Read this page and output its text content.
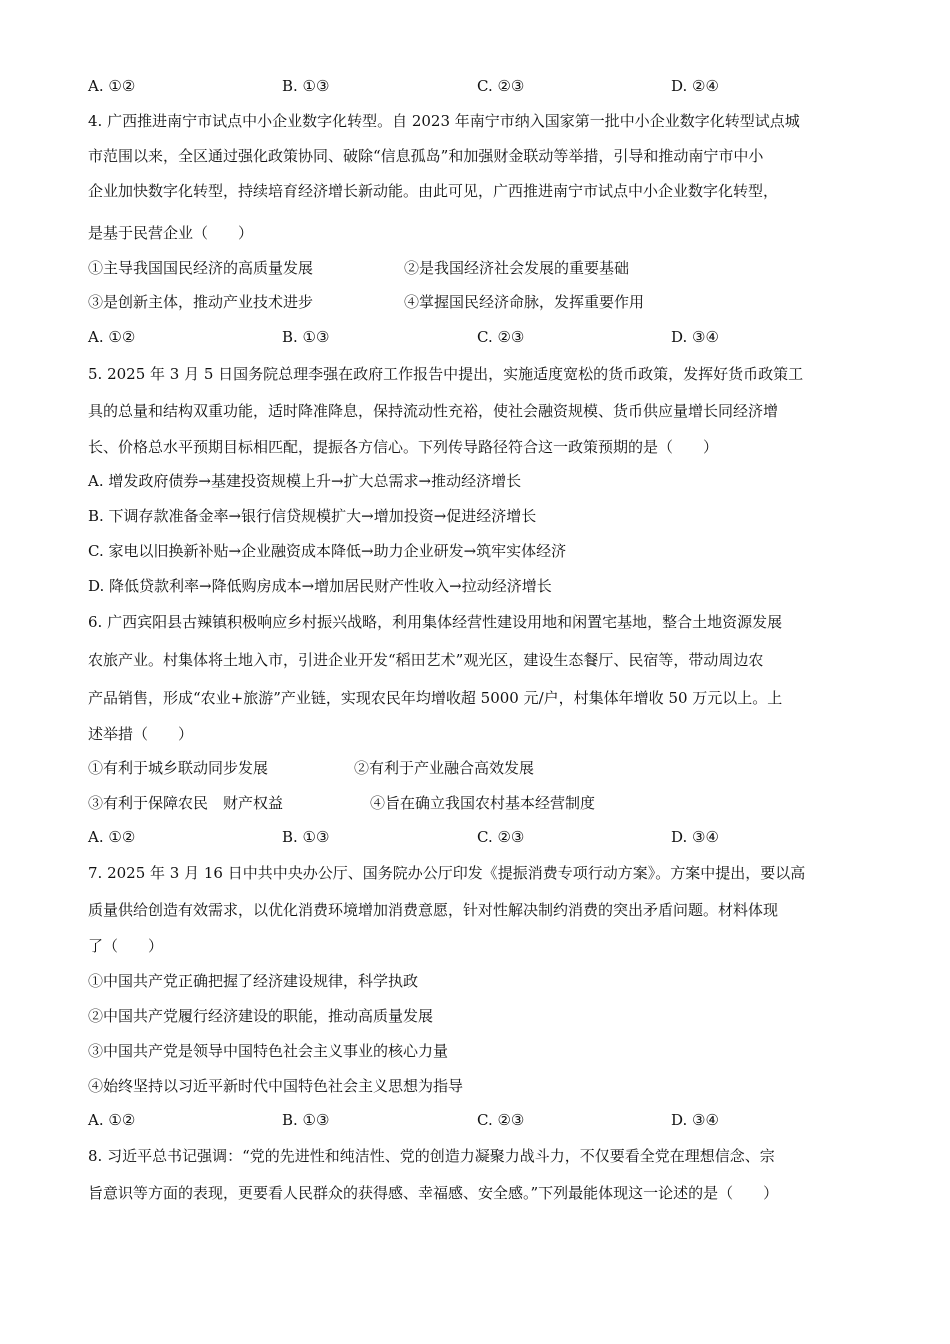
A. ①②	B. ①③	C. ②③	D. ②④
4. 广西推进南宁市试点中小企业数字化转型。自 2023 年南宁市纳入国家第一批中小企业数字化转型试点城
市范围以来，全区通过强化政策协同、破除“信息孤岛”和加强财金联动等举措，引导和推动南宁市中小
企业加快数字化转型，持续培育经济增长新动能。由此可见，广西推进南宁市试点中小企业数字化转型，
是基于民营企业（　　）
①主导我国国民经济的高质量发展	②是我国经济社会发展的重要基础
③是创新主体，推动产业技术进步	④掌握国民经济命脉，发挥重要作用
A. ①②	B. ①③	C. ②③	D. ③④
5. 2025 年 3 月 5 日国务院总理李强在政府工作报告中提出，实施适度宽松的货币政策，发挥好货币政策工
具的总量和结构双重功能，适时降准降息，保持流动性充裕，使社会融资规模、货币供应量增长同经济增
长、价格总水平预期目标相匹配，提振各方信心。下列传导路径符合这一政策预期的是（　　）
A. 增发政府债券→基建投资规模上升→扩大总需求→推动经济增长
B. 下调存款准备金率→银行信贷规模扩大→增加投资→促进经济增长
C. 家电以旧换新补贴→企业融资成本降低→助力企业研发→筑牢实体经济
D. 降低贷款利率→降低购房成本→增加居民财产性收入→拉动经济增长
6. 广西宾阳县古辣镇积极响应乡村振兴战略，利用集体经营性建设用地和闲置宅基地，整合土地资源发展
农旅产业。村集体将土地入市，引进企业开发“稻田艺术”观光区，建设生态餐厅、民宿等，带动周边农
产品销售，形成“农业+旅游”产业链，实现农民年均增收超 5000 元/户，村集体年增收 50 万元以上。上
述举措（　　）
①有利于城乡联动同步发展	②有利于产业融合高效发展
③有利于保障农民　财产权益	④旨在确立我国农村基本经营制度
A. ①②	B. ①③	C. ②③	D. ③④
7. 2025 年 3 月 16 日中共中央办公厅、国务院办公厅印发《提振消费专项行动方案》。方案中提出，要以高
质量供给创造有效需求，以优化消费环境增加消费意愿，针对性解决制约消费的突出矛盾问题。材料体现
了（　　）
①中国共产党正确把握了经济建设规律，科学执政
②中国共产党履行经济建设的职能，推动高质量发展
③中国共产党是领导中国特色社会主义事业的核心力量
④始终坚持以习近平新时代中国特色社会主义思想为指导
A. ①②	B. ①③	C. ②③	D. ③④
8. 习近平总书记强调：“党的先进性和纯洁性、党的创造力凝聚力战斗力，不仅要看全党在理想信念、宗
旨意识等方面的表现，更要看人民群众的获得感、幸福感、安全感。”下列最能体现这一论述的是（　　）
